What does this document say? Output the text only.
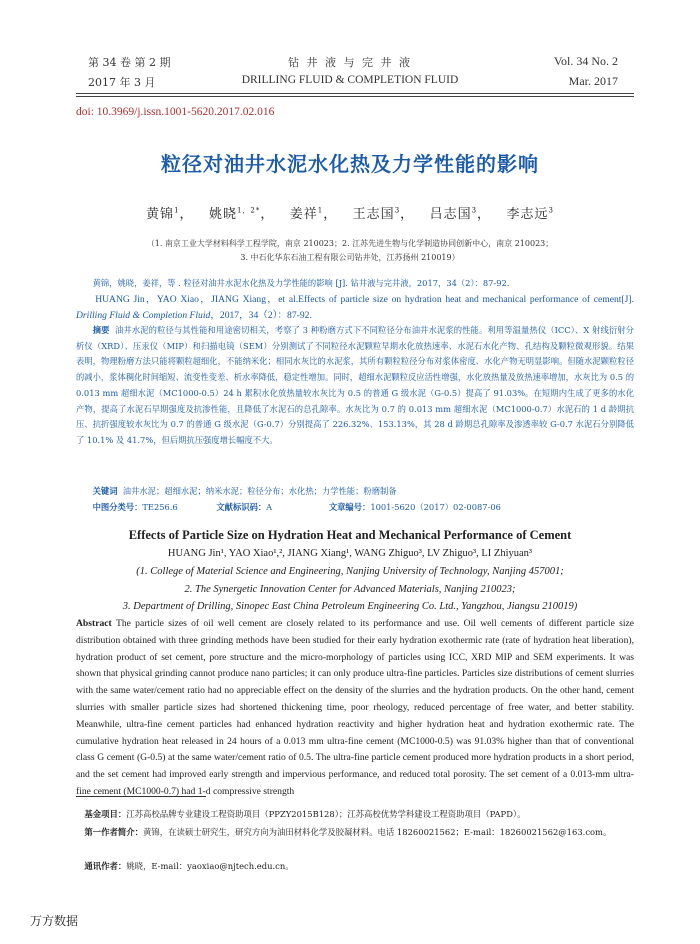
第 34 卷 第 2 期
2017 年 3 月
钻 井 液 与 完 井 液
DRILLING FLUID & COMPLETION FLUID
Vol. 34 No. 2
Mar. 2017
doi: 10.3969/j.issn.1001-5620.2017.02.016
粒径对油井水泥水化热及力学性能的影响
黄锦$^1$，   姚晓$^{1,2*}$，   姜祥$^1$，   王志国$^3$，   吕志国$^3$，   李志远$^3$
（1. 南京工业大学材料科学工程学院，南京 210023；2. 江苏先进生物与化学制造协同创新中心，南京 210023；
3. 中石化华东石油工程有限公司钻井处，江苏扬州 210019）
黄锦，姚晓，姜祥，等 . 粒径对油井水泥水化热及力学性能的影响 [J]. 钻井液与完井液，2017，34（2）：87-92.
HUANG Jin，YAO Xiao，JIANG Xiang，et al.Effects of particle size on hydration heat and mechanical performance of cement[J]. Drilling Fluid & Completion Fluid，2017，34（2）：87-92.
摘要 油井水泥的粒径与其性能和用途密切相关，考察了 3 种粉磨方式下不同粒径分布油井水泥浆的性能。利用等温量热仪（ICC）、X 射线衍射分析仪（XRD）、压汞仪（MIP）和扫描电镜（SEM）分别测试了不同粒径水泥颗粒早期水化放热速率、水泥石水化产物、孔结构及颗粒微观形貌。结果表明，物理粉磨方法只能将颗粒超细化，不能纳米化；相同水灰比的水泥浆，其所有颗粒粒径分布对浆体密度、水化产物无明显影响。但随水泥颗粒粒径的减小，浆体稠化时间缩短、流变性变差、析水率降低，稳定性增加。同时，超细水泥颗粒反应活性增强，水化放热量及放热速率增加，水灰比为 0.5 的 0.013 mm 超细水泥（MC1000-0.5）24 h 累积水化放热量较水灰比为 0.5 的普通 G 级水泥（G-0.5）提高了 91.03%。在短期内生成了更多的水化产物，提高了水泥石早期强度及抗渗性能，且降低了水泥石的总孔隙率。水灰比为 0.7 的 0.013 mm 超细水泥（MC1000-0.7）水泥石的 1 d 龄期抗压、抗折强度较水灰比为 0.7 的普通 G 级水泥（G-0.7）分别提高了 226.32%、153.13%，其 28 d 龄期总孔隙率及渗透率较 G-0.7 水泥石分别降低了 10.1% 及 41.7%，但后期抗压强度增长幅度不大。
关键词 油井水泥；超细水泥；纳米水泥；粒径分布；水化热；力学性能；粉磨制备
中图分类号：TE256.6	文献标识码：A	文章编号：1001-5620（2017）02-0087-06
Effects of Particle Size on Hydration Heat and Mechanical Performance of Cement
HUANG Jin¹, YAO Xiao¹,², JIANG Xiang¹, WANG Zhiguo³, LV Zhiguo³, LI Zhiyuan³
(1. College of Material Science and Engineering, Nanjing University of Technology, Nanjing 457001;
2. The Synergetic Innovation Center for Advanced Materials, Nanjing 210023;
3. Department of Drilling, Sinopec East China Petroleum Engineering Co. Ltd., Yangzhou, Jiangsu 210019)
Abstract The particle sizes of oil well cement are closely related to its performance and use. Oil well cements of different particle size distribution obtained with three grinding methods have been studied for their early hydration exothermic rate (rate of hydration heat liberation), hydration product of set cement, pore structure and the micro-morphology of particles using ICC, XRD MIP and SEM experiments. It was shown that physical grinding cannot produce nano particles; it can only produce ultra-fine particles. Particles size distributions of cement slurries with the same water/cement ratio had no appreciable effect on the density of the slurries and the hydration products. On the other hand, cement slurries with smaller particle sizes had shortened thickening time, poor rheology, reduced percentage of free water, and better stability. Meanwhile, ultra-fine cement particles had enhanced hydration reactivity and higher hydration heat and hydration exothermic rate. The cumulative hydration heat released in 24 hours of a 0.013 mm ultra-fine cement (MC1000-0.5) was 91.03% higher than that of conventional class G cement (G-0.5) at the same water/cement ratio of 0.5. The ultra-fine particle cement produced more hydration products in a short period, and the set cement had improved early strength and impervious performance, and reduced total porosity. The set cement of a 0.013-mm ultra-fine cement (MC1000-0.7) had 1-d compressive strength
基金项目：江苏高校品牌专业建设工程资助项目（PPZY2015B128）；江苏高校优势学科建设工程资助项目（PAPD）。
第一作者简介：黄锦，在读硕士研究生，研究方向为油田材料化学及胶凝材料。电话 18260021562；E-mail：18260021562@163.com。
通讯作者：姚晓，E-mail：yaoxiao@njtech.edu.cn。
万方数据
